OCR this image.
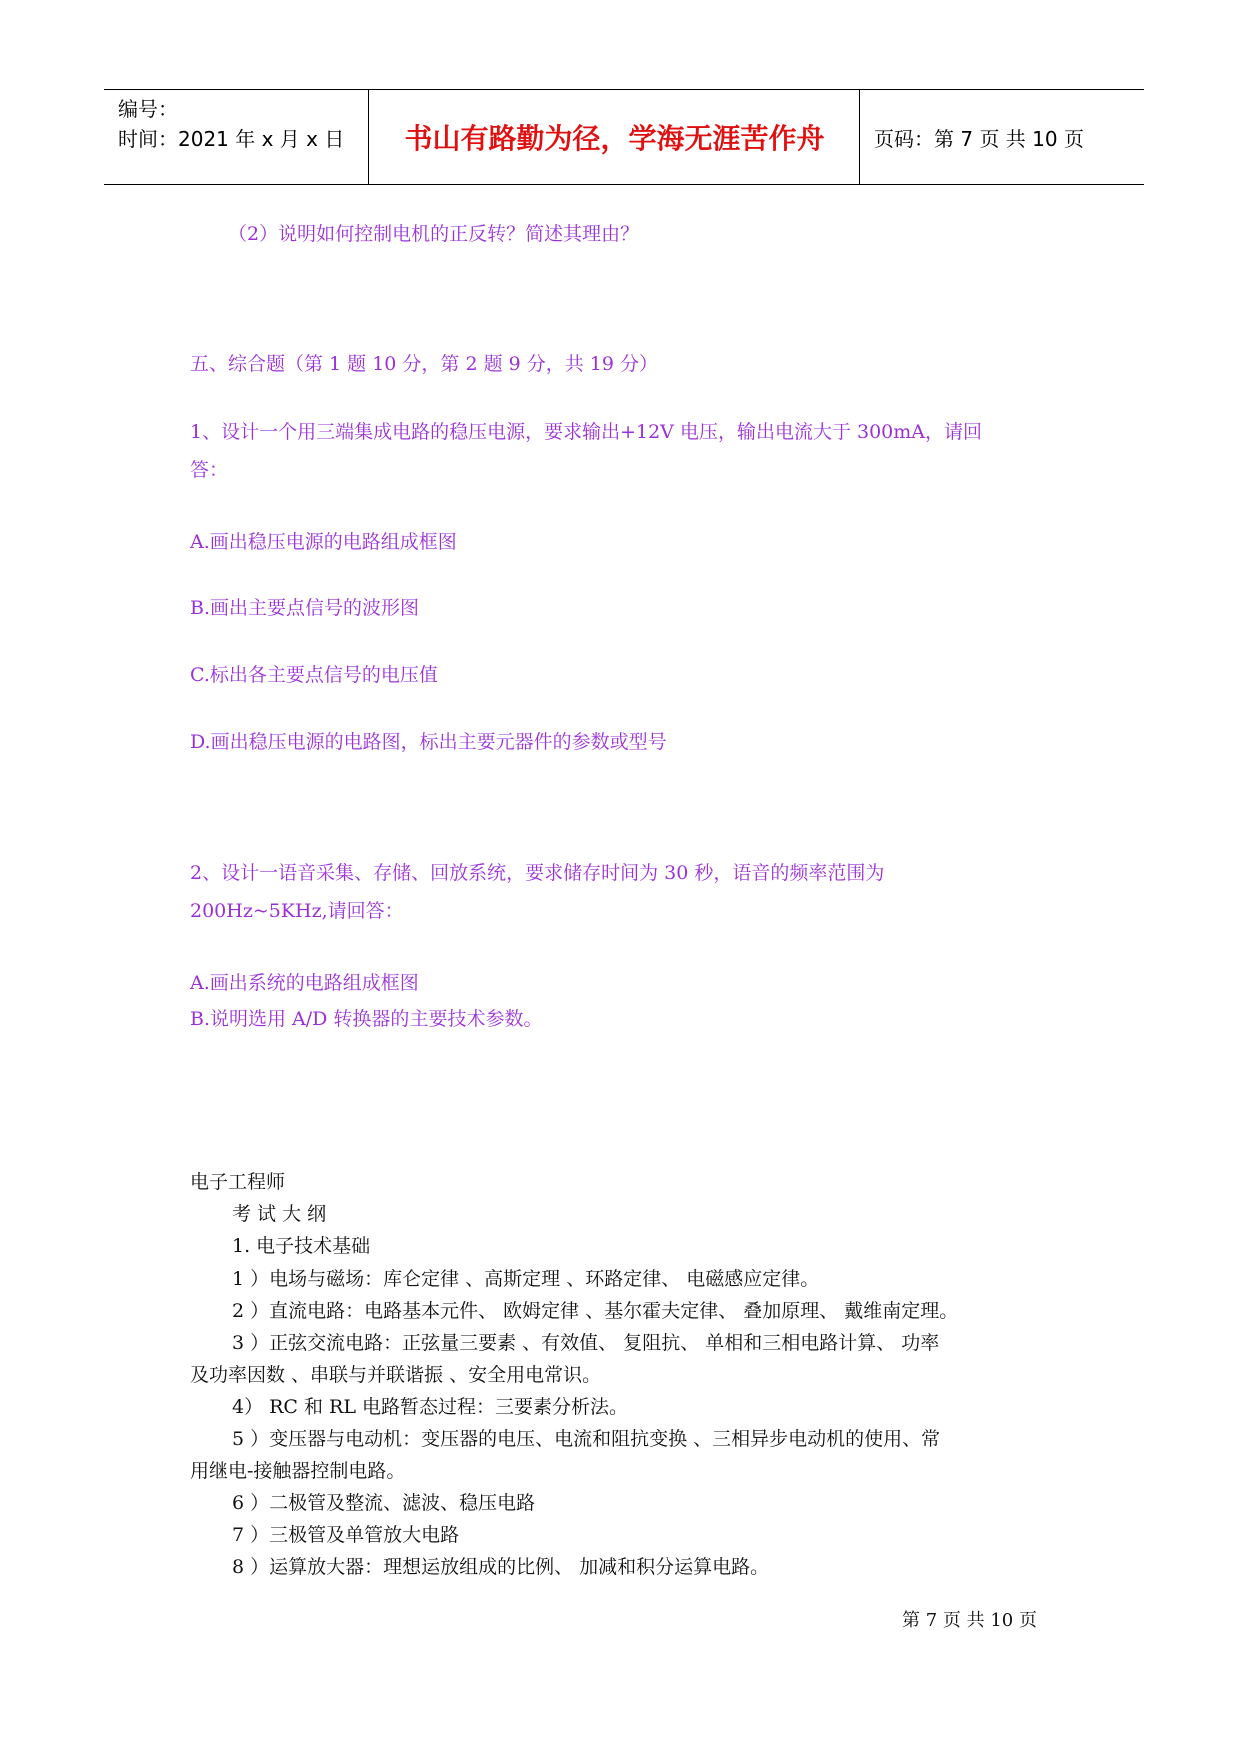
编号：
时间：2021 年 x 月 x 日	书山有路勤为径，学海无涯苦作舟	页码：第 7 页 共 10 页
（2）说明如何控制电机的正反转？简述其理由？
五、综合题（第 1 题 10 分，第 2 题 9 分，共 19 分）
1、设计一个用三端集成电路的稳压电源，要求输出+12V 电压，输出电流大于 300mA，请回
答：
A.画出稳压电源的电路组成框图
B.画出主要点信号的波形图
C.标出各主要点信号的电压值
D.画出稳压电源的电路图，标出主要元器件的参数或型号
2、设计一语音采集、存储、回放系统，要求储存时间为 30 秒，语音的频率范围为
200Hz~5KHz,请回答：
A.画出系统的电路组成框图
B.说明选用 A/D 转换器的主要技术参数。
电子工程师
考 试 大 纲
1. 电子技术基础
1 ）电场与磁场：库仑定律 、高斯定理 、环路定律、 电磁感应定律。
2 ）直流电路：电路基本元件、 欧姆定律 、基尔霍夫定律、 叠加原理、 戴维南定理。
3 ）正弦交流电路：正弦量三要素 、有效值、 复阻抗、 单相和三相电路计算、 功率
及功率因数 、串联与并联谐振 、安全用电常识。
4） RC 和 RL 电路暂态过程：三要素分析法。
5 ）变压器与电动机：变压器的电压、电流和阻抗变换 、三相异步电动机的使用、常
用继电-接触器控制电路。
6 ）二极管及整流、滤波、稳压电路
7 ）三极管及单管放大电路
8 ）运算放大器：理想运放组成的比例、 加减和积分运算电路。
第 7 页 共 10 页
